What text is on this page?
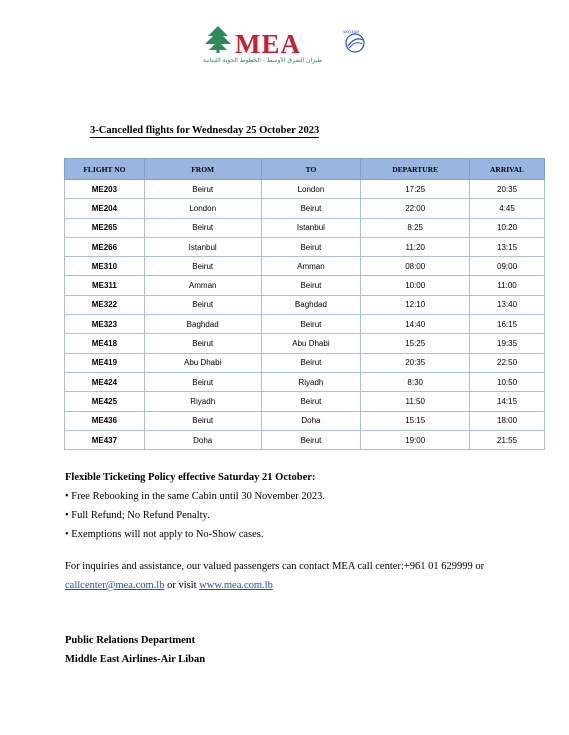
MEA
طيران الشرق الأوسط - الخطوط الجوية اللبنانية
SKYTEAM
3-Cancelled flights for Wednesday 25 October 2023
FLIGHT NO	FROM	TO	DEPARTURE	ARRIVAL
ME203	Beirut	London	17:25	20:35
ME204	London	Beirut	22:00	4:45
ME265	Beirut	Istanbul	8:25	10:20
ME266	Istanbul	Beirut	11:20	13:15
ME310	Beirut	Amman	08:00	09:00
ME311	Amman	Beirut	10:00	11:00
ME322	Beirut	Baghdad	12:10	13:40
ME323	Baghdad	Beirut	14:40	16:15
ME418	Beirut	Abu Dhabi	15:25	19:35
ME419	Abu Dhabi	Beirut	20:35	22:50
ME424	Beirut	Riyadh	8:30	10:50
ME425	Riyadh	Beirut	11:50	14:15
ME436	Beirut	Doha	15:15	18:00
ME437	Doha	Beirut	19:00	21:55
Flexible Ticketing Policy effective Saturday 21 October:
• Free Rebooking in the same Cabin until 30 November 2023.
• Full Refund; No Refund Penalty.
• Exemptions will not apply to No-Show cases.
For inquiries and assistance, our valued passengers can contact MEA call center:+961 01 629999 or
callcenter@mea.com.lb or visit www.mea.com.lb
Public Relations Department
Middle East Airlines-Air Liban
